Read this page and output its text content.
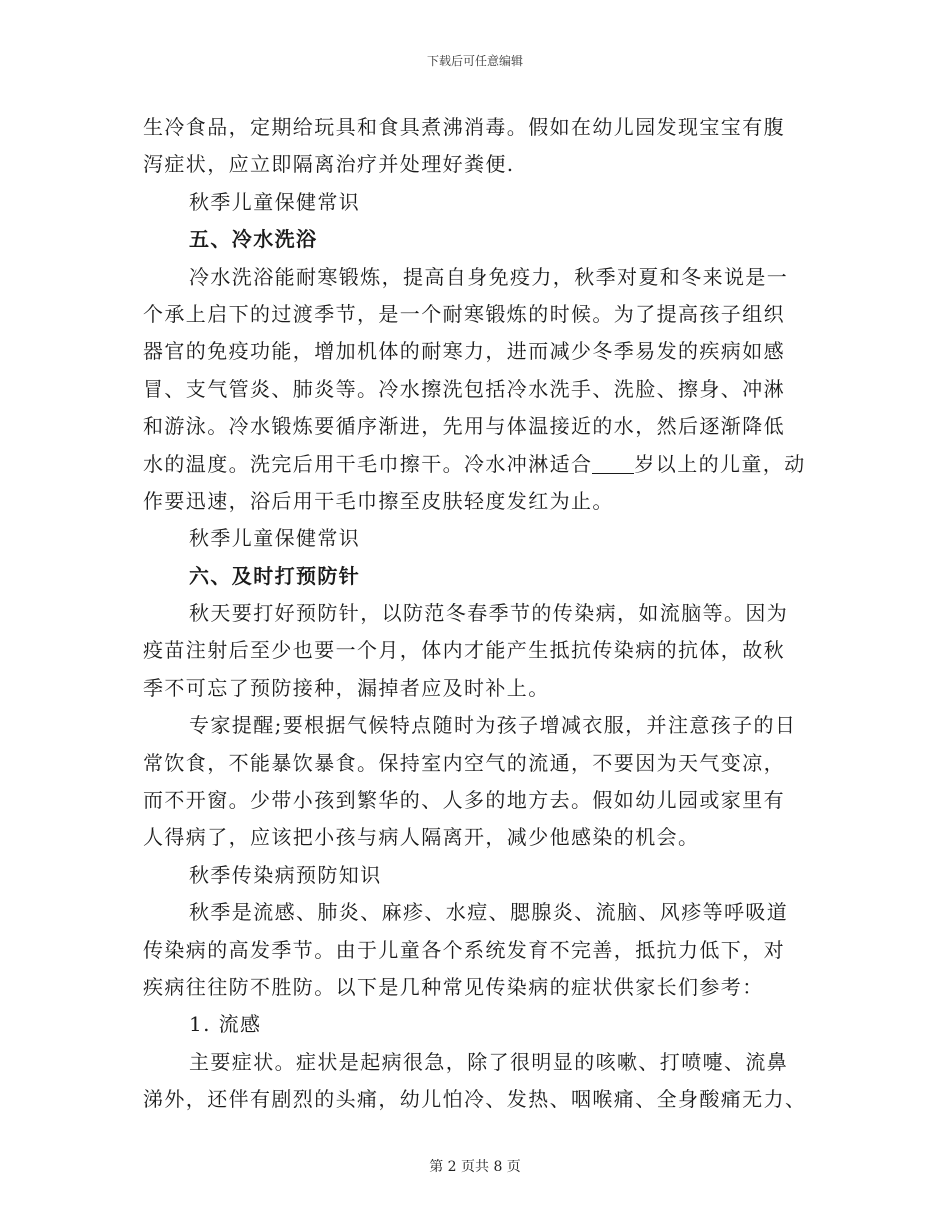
下载后可任意编辑
生冷食品，定期给玩具和食具煮沸消毒。假如在幼儿园发现宝宝有腹
泻症状，应立即隔离治疗并处理好粪便.
秋季儿童保健常识
五、冷水洗浴
冷水洗浴能耐寒锻炼，提高自身免疫力，秋季对夏和冬来说是一
个承上启下的过渡季节，是一个耐寒锻炼的时候。为了提高孩子组织
器官的免疫功能，增加机体的耐寒力，进而减少冬季易发的疾病如感
冒、支气管炎、肺炎等。冷水擦洗包括冷水洗手、洗脸、擦身、冲淋
和游泳。冷水锻炼要循序渐进，先用与体温接近的水，然后逐渐降低
水的温度。洗完后用干毛巾擦干。冷水冲淋适合 岁以上的儿童，动
作要迅速，浴后用干毛巾擦至皮肤轻度发红为止。
秋季儿童保健常识
六、及时打预防针
秋天要打好预防针，以防范冬春季节的传染病，如流脑等。因为
疫苗注射后至少也要一个月，体内才能产生抵抗传染病的抗体，故秋
季不可忘了预防接种，漏掉者应及时补上。
专家提醒;要根据气候特点随时为孩子增减衣服，并注意孩子的日
常饮食，不能暴饮暴食。保持室内空气的流通，不要因为天气变凉，
而不开窗。少带小孩到繁华的、人多的地方去。假如幼儿园或家里有
人得病了，应该把小孩与病人隔离开，减少他感染的机会。
秋季传染病预防知识
秋季是流感、肺炎、麻疹、水痘、腮腺炎、流脑、风疹等呼吸道
传染病的高发季节。由于儿童各个系统发育不完善，抵抗力低下，对
疾病往往防不胜防。以下是几种常见传染病的症状供家长们参考：
1. 流感
主要症状。症状是起病很急，除了很明显的咳嗽、打喷嚏、流鼻
涕外，还伴有剧烈的头痛，幼儿怕冷、发热、咽喉痛、全身酸痛无力、
第 2 页共 8 页
